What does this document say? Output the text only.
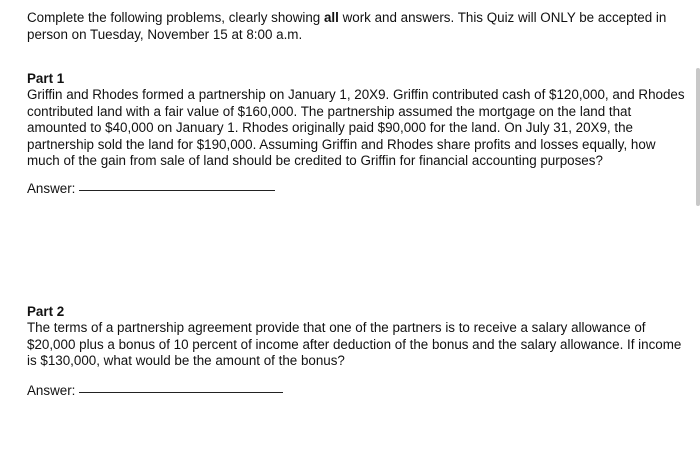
Complete the following problems, clearly showing all work and answers. This Quiz will ONLY be accepted in person on Tuesday, November 15 at 8:00 a.m.

Part 1

Griffin and Rhodes formed a partnership on January 1, 20X9. Griffin contributed cash of $120,000, and Rhodes contributed land with a fair value of $160,000. The partnership assumed the mortgage on the land that amounted to $40,000 on January 1. Rhodes originally paid $90,000 for the land. On July 31, 20X9, the partnership sold the land for $190,000. Assuming Griffin and Rhodes share profits and losses equally, how much of the gain from sale of land should be credited to Griffin for financial accounting purposes?

Answer:
Part 2

The terms of a partnership agreement provide that one of the partners is to receive a salary allowance of $20,000 plus a bonus of 10 percent of income after deduction of the bonus and the salary allowance. If income is $130,000, what would be the amount of the bonus?

Answer:
